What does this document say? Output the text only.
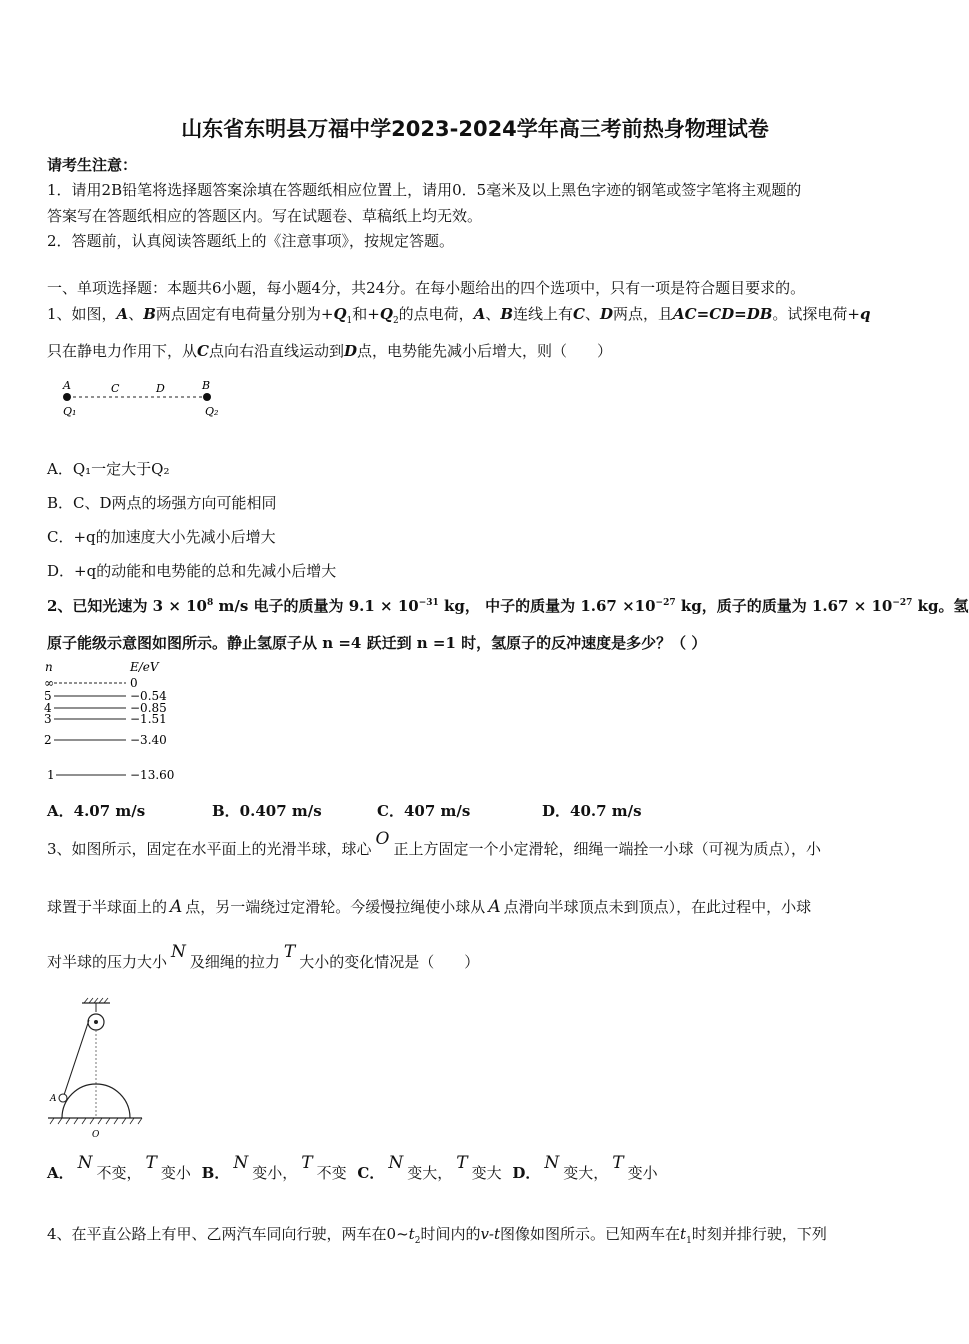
山东省东明县万福中学2023-2024学年高三考前热身物理试卷
请考生注意：
1．请用2B铅笔将选择题答案涂填在答题纸相应位置上，请用0．5毫米及以上黑色字迹的钢笔或签字笔将主观题的
答案写在答题纸相应的答题区内。写在试题卷、草稿纸上均无效。
2．答题前，认真阅读答题纸上的《注意事项》，按规定答题。
一、单项选择题：本题共6小题，每小题4分，共24分。在每小题给出的四个选项中，只有一项是符合题目要求的。
1、如图，A、B两点固定有电荷量分别为$+Q_1$和$+Q_2$的点电荷，A、B连线上有C、D两点，且AC=CD=DB。试探电荷+q
只在静电力作用下，从C点向右沿直线运动到D点，电势能先减小后增大，则（　　）
A	C	D	B
Q₁	Q₂
A．Q₁一定大于Q₂
B．C、D两点的场强方向可能相同
C．+q的加速度大小先减小后增大
D．+q的动能和电势能的总和先减小后增大
2、已知光速为 $3 \times 10^8$ m/s 电子的质量为 $9.1 \times 10^{-31}$ kg， 中子的质量为 $1.67 \times 10^{-27}$ kg，质子的质量为 $1.67 \times 10^{-27}$ kg。氢
原子能级示意图如图所示。静止氢原子从 n =4 跃迁到 n =1 时，氢原子的反冲速度是多少？（ ）
n	E/eV
∞	0
5	−0.54
4	−0.85
3	−1.51
2	−3.40
1	−13.60
A．4.07 m/s	B．0.407 m/s	C．407 m/s	D．40.7 m/s
3、如图所示，固定在水平面上的光滑半球，球心 O 正上方固定一个小定滑轮，细绳一端拴一小球（可视为质点），小
球置于半球面上的 A 点，另一端绕过定滑轮。今缓慢拉绳使小球从 A 点滑向半球顶点未到顶点），在此过程中，小球
对半球的压力大小 N 及细绳的拉力 T 大小的变化情况是（　　）
A
O
A． N 不变， T 变小 B． N 变小， T 不变 C． N 变大， T 变大 D． N 变大， T 变小
4、在平直公路上有甲、乙两汽车同向行驶，两车在$0\sim t_2$时间内的v-t图像如图所示。已知两车在$t_1$时刻并排行驶，下列
